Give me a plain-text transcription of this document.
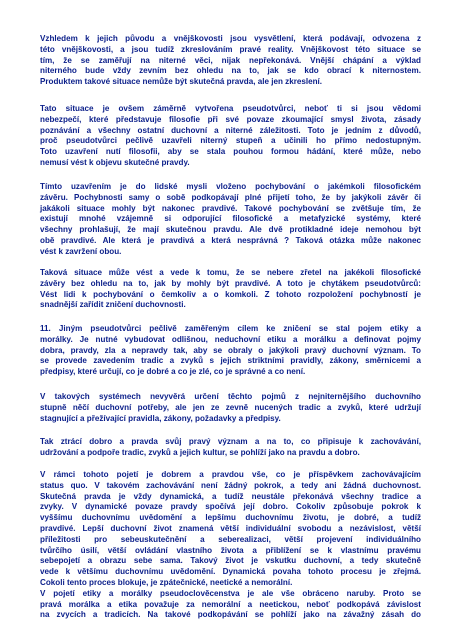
Vzhledem k jejich původu a vnějškovosti jsou vysvětlení, která podávají, odvozena z
této vnějškovosti, a jsou tudíž zkreslováním pravé reality. Vnějškovost této situace se
tím, že se zaměřují na niterné věci, nijak nepřekonává. Vnější chápání a výklad
niterného bude vždy zevním bez ohledu na to, jak se kdo obrací k niternostem.
Produktem takové situace nemůže být skutečná pravda, ale jen zkreslení.
Tato situace je ovšem záměrně vytvořena pseudotvůrci, neboť ti si jsou vědomi
nebezpečí, které představuje filosofie při své povaze zkoumající smysl života, zásady
poznávání a všechny ostatní duchovní a niterné záležitosti. Toto je jedním z důvodů,
proč pseudotvůrci pečlivě uzavřeli niterný stupeň a učinili ho přímo nedostupným.
Toto uzavření nutí filosofii, aby se stala pouhou formou hádání, které může, nebo
nemusí vést k objevu skutečné pravdy.
Tímto uzavřením je do lidské mysli vloženo pochybování o jakémkoli filosofickém
závěru. Pochybnosti samy o sobě podkopávají plné přijetí toho, že by jakýkoli závěr či
jakákoli situace mohly být nakonec pravdivé. Takové pochybování se zvětšuje tím, že
existují mnohé vzájemně si odporující filosofické a metafyzické systémy, které
všechny prohlašují, že mají skutečnou pravdu. Ale dvě protikladné ideje nemohou být
obě pravdivé. Ale která je pravdivá a která nesprávná ? Taková otázka může nakonec
vést k zavržení obou.
Taková situace může vést a vede k tomu, že se nebere zřetel na jakékoli filosofické
závěry bez ohledu na to, jak by mohly být pravdivé. A toto je chytákem pseudotvůrců:
Vést lidi k pochybování o čemkoliv a o komkoli. Z tohoto rozpoložení pochybností je
snadnější zařídit zničení duchovnosti.
11. Jiným pseudotvůrci pečlivě zaměřeným cílem ke zničení se stal pojem etiky a
morálky. Je nutné vybudovat odlišnou, neduchovní etiku a morálku a definovat pojmy
dobra, pravdy, zla a nepravdy tak, aby se obraly o jakýkoli pravý duchovní význam. To
se provede zavedením tradic a zvyků s jejich striktními pravidly, zákony, směrnicemi a
předpisy, které určují, co je dobré a co je zlé, co je správné a co není.
V takových systémech nevyvěrá určení těchto pojmů z nejniternějšího duchovního
stupně něčí duchovní potřeby, ale jen ze zevně nucených tradic a zvyků, které udržují
stagnující a přežívající pravidla, zákony, požadavky a předpisy.
Tak ztrácí dobro a pravda svůj pravý význam a na to, co připisuje k zachovávání,
udržování a podpoře tradic, zvyků a jejich kultur, se pohlíží jako na pravdu a dobro.
V rámci tohoto pojetí je dobrem a pravdou vše, co je příspěvkem zachovávajícím
status quo. V takovém zachovávání není žádný pokrok, a tedy ani žádná duchovnost.
Skutečná pravda je vždy dynamická, a tudíž neustále překonává všechny tradice a
zvyky. V dynamické povaze pravdy spočívá její dobro. Cokoliv způsobuje pokrok k
vyššímu duchovnímu uvědomění a lepšímu duchovnímu životu, je dobré, a tudíž
pravdivé. Lepší duchovní život znamená větší individuální svobodu a nezávislost, větší
příležitosti pro sebeuskutečnění a seberealizaci, větší projevení individuálního
tvůrčího úsilí, větší ovládání vlastního života a přiblížení se k vlastnímu pravému
sebepojetí a obrazu sebe sama. Takový život je vskutku duchovní, a tedy skutečně
vede k většímu duchovnímu uvědomění. Dynamická povaha tohoto procesu je zřejmá.
Cokoli tento proces blokuje, je zpátečnické, neetické a nemorální.
V pojetí etiky a morálky pseudoclověcenstva je ale vše obráceno naruby. Proto se
pravá morálka a etika považuje za nemorální a neetickou, neboť podkopává závislost
na zvycích a tradicích. Na takové podkopávání se pohlíží jako na závažný zásah do
